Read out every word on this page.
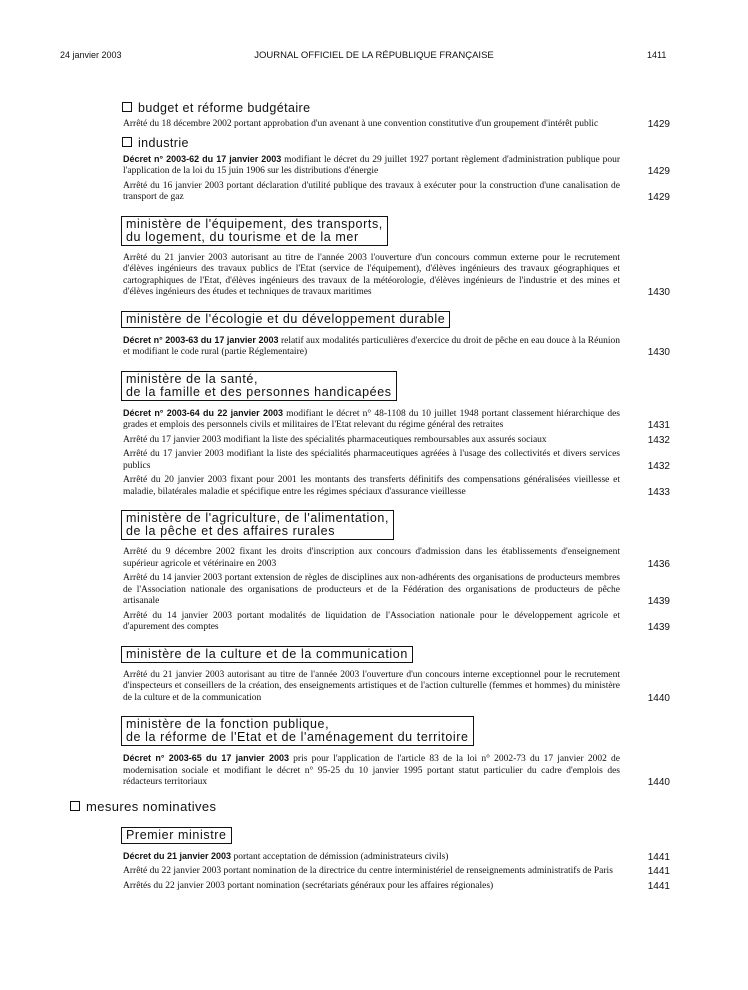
24 janvier 2003	JOURNAL OFFICIEL DE LA RÉPUBLIQUE FRANÇAISE	1411
budget et réforme budgétaire
Arrêté du 18 décembre 2002 portant approbation d'un avenant à une convention constitutive d'un groupement d'intérêt public	1429
industrie
Décret n° 2003-62 du 17 janvier 2003 modifiant le décret du 29 juillet 1927 portant règlement d'administration publique pour l'application de la loi du 15 juin 1906 sur les distributions d'énergie	1429
Arrêté du 16 janvier 2003 portant déclaration d'utilité publique des travaux à exécuter pour la construction d'une canalisation de transport de gaz	1429
ministère de l'équipement, des transports,
du logement, du tourisme et de la mer
Arrêté du 21 janvier 2003 autorisant au titre de l'année 2003 l'ouverture d'un concours commun externe pour le recrutement d'élèves ingénieurs des travaux publics de l'Etat (service de l'équipement), d'élèves ingénieurs des travaux géographiques et cartographiques de l'Etat, d'élèves ingénieurs des travaux de la météorologie, d'élèves ingénieurs de l'industrie et des mines et d'élèves ingénieurs des études et techniques de travaux maritimes	1430
ministère de l'écologie et du développement durable
Décret n° 2003-63 du 17 janvier 2003 relatif aux modalités particulières d'exercice du droit de pêche en eau douce à la Réunion et modifiant le code rural (partie Réglementaire)	1430
ministère de la santé,
de la famille et des personnes handicapées
Décret n° 2003-64 du 22 janvier 2003 modifiant le décret n° 48-1108 du 10 juillet 1948 portant classement hiérarchique des grades et emplois des personnels civils et militaires de l'Etat relevant du régime général des retraites	1431
Arrêté du 17 janvier 2003 modifiant la liste des spécialités pharmaceutiques remboursables aux assurés sociaux	1432
Arrêté du 17 janvier 2003 modifiant la liste des spécialités pharmaceutiques agréées à l'usage des collectivités et divers services publics	1432
Arrêté du 20 janvier 2003 fixant pour 2001 les montants des transferts définitifs des compensations généralisées vieillesse et maladie, bilatérales maladie et spécifique entre les régimes spéciaux d'assurance vieillesse	1433
ministère de l'agriculture, de l'alimentation,
de la pêche et des affaires rurales
Arrêté du 9 décembre 2002 fixant les droits d'inscription aux concours d'admission dans les établissements d'enseignement supérieur agricole et vétérinaire en 2003	1436
Arrêté du 14 janvier 2003 portant extension de règles de disciplines aux non-adhérents des organisations de producteurs membres de l'Association nationale des organisations de producteurs et de la Fédération des organisations de producteurs de pêche artisanale	1439
Arrêté du 14 janvier 2003 portant modalités de liquidation de l'Association nationale pour le développement agricole et d'apurement des comptes	1439
ministère de la culture et de la communication
Arrêté du 21 janvier 2003 autorisant au titre de l'année 2003 l'ouverture d'un concours interne exceptionnel pour le recrutement d'inspecteurs et conseillers de la création, des enseignements artistiques et de l'action culturelle (femmes et hommes) du ministère de la culture et de la communication	1440
ministère de la fonction publique,
de la réforme de l'Etat et de l'aménagement du territoire
Décret n° 2003-65 du 17 janvier 2003 pris pour l'application de l'article 83 de la loi n° 2002-73 du 17 janvier 2002 de modernisation sociale et modifiant le décret n° 95-25 du 10 janvier 1995 portant statut particulier du cadre d'emplois des rédacteurs territoriaux	1440
mesures nominatives
Premier ministre
Décret du 21 janvier 2003 portant acceptation de démission (administrateurs civils)	1441
Arrêté du 22 janvier 2003 portant nomination de la directrice du centre interministériel de renseignements administratifs de Paris	1441
Arrêtés du 22 janvier 2003 portant nomination (secrétariats généraux pour les affaires régionales)	1441
